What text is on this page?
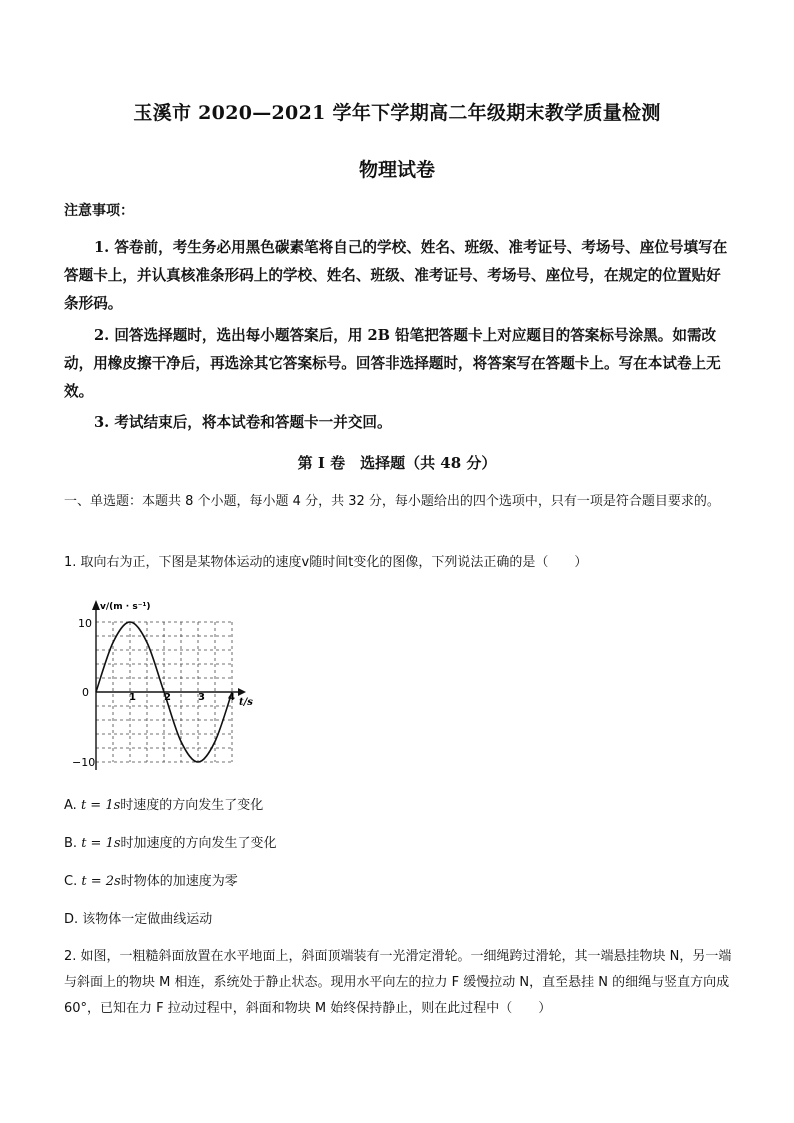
玉溪市 2020—2021 学年下学期高二年级期末教学质量检测
物理试卷
注意事项：
1. 答卷前，考生务必用黑色碳素笔将自己的学校、姓名、班级、准考证号、考场号、座位号填写在答题卡上，并认真核准条形码上的学校、姓名、班级、准考证号、考场号、座位号，在规定的位置贴好条形码。
2. 回答选择题时，选出每小题答案后，用 2B 铅笔把答题卡上对应题目的答案标号涂黑。如需改动，用橡皮擦干净后，再选涂其它答案标号。回答非选择题时，将答案写在答题卡上。写在本试卷上无效。
3. 考试结束后，将本试卷和答题卡一并交回。
第 I 卷　选择题（共 48 分）
一、单选题：本题共 8 个小题，每小题 4 分，共 32 分，每小题给出的四个选项中，只有一项是符合题目要求的。
1. 取向右为正，下图是某物体运动的速度v随时间t变化的图像，下列说法正确的是（　　）
v/(m · s⁻¹)
t/s
10
0
−10
1	2	3 4
A. t = 1s时速度的方向发生了变化
B. t = 1s时加速度的方向发生了变化
C. t = 2s时物体的加速度为零
D. 该物体一定做曲线运动
2. 如图，一粗糙斜面放置在水平地面上，斜面顶端装有一光滑定滑轮。一细绳跨过滑轮，其一端悬挂物块 N，另一端与斜面上的物块 M 相连，系统处于静止状态。现用水平向左的拉力 F 缓慢拉动 N，直至悬挂 N 的细绳与竖直方向成 60°，已知在力 F 拉动过程中，斜面和物块 M 始终保持静止，则在此过程中（　　）
